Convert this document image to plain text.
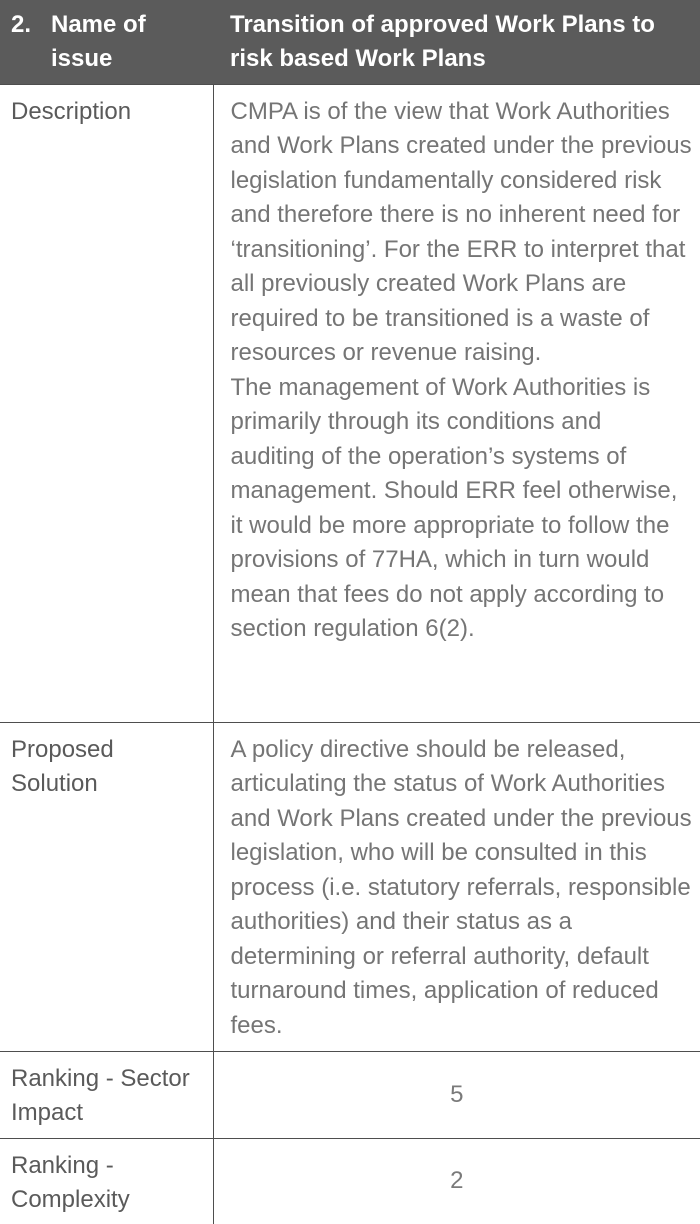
2. Name of issue	Transition of approved Work Plans to risk based Work Plans
Description	CMPA is of the view that Work Authorities and Work Plans created under the previous legislation fundamentally considered risk and therefore there is no inherent need for ‘transitioning’. For the ERR to interpret that all previously created Work Plans are required to be transitioned is a waste of resources or revenue raising.
The management of Work Authorities is primarily through its conditions and auditing of the operation’s systems of management. Should ERR feel otherwise, it would be more appropriate to follow the provisions of 77HA, which in turn would mean that fees do not apply according to section regulation 6(2).

Proposed Solution	A policy directive should be released, articulating the status of Work Authorities and Work Plans created under the previous legislation, who will be consulted in this process (i.e. statutory referrals, responsible authorities) and their status as a determining or referral authority, default turnaround times, application of reduced fees.
Ranking - Sector Impact	5
Ranking - Complexity	2
